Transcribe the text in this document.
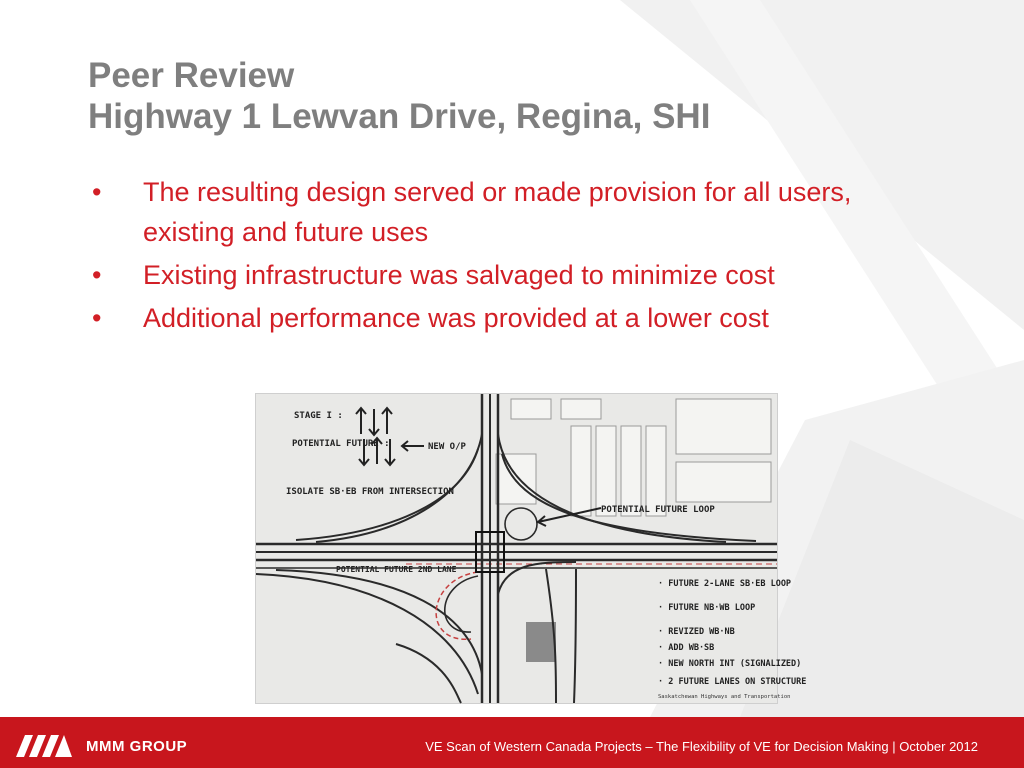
Peer Review
Highway 1 Lewvan Drive, Regina, SHI
• The resulting design served or made provision for all users, existing and future uses
• Existing infrastructure was salvaged to minimize cost
• Additional performance was provided at a lower cost
STAGE I :
POTENTIAL FUTURE :	NEW O/P
ISOLATE SB·EB FROM INTERSECTION
POTENTIAL FUTURE LOOP
POTENTIAL FUTURE 2ND LANE
· FUTURE 2-LANE SB·EB LOOP
· FUTURE NB·WB LOOP
· REVIZED WB·NB
· ADD WB·SB
· NEW NORTH INT (SIGNALIZED)
· 2 FUTURE LANES ON STRUCTURE
Saskatchewan Highways and Transportation
MMM GROUP	VE Scan of Western Canada Projects – The Flexibility of VE for Decision Making | October 2012
